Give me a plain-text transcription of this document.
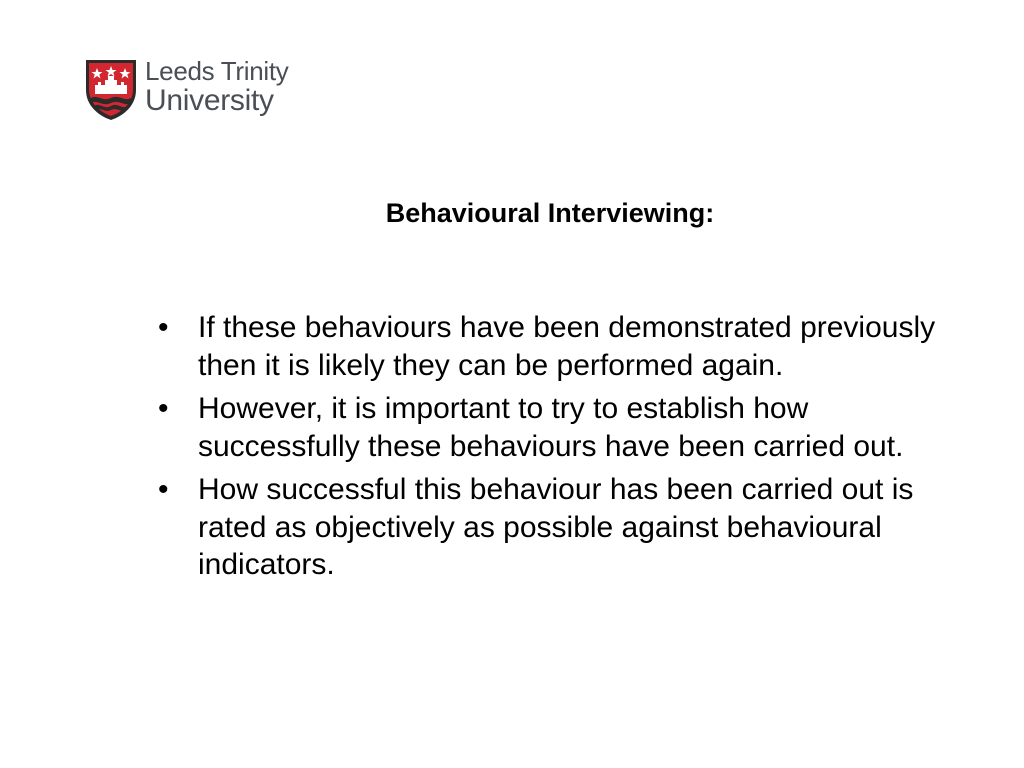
Leeds Trinity
University
Behavioural Interviewing:
• If these behaviours have been demonstrated previously then it is likely they can be performed again.
• However, it is important to try to establish how successfully these behaviours have been carried out.
• How successful this behaviour has been carried out is rated as objectively as possible against behavioural indicators.
